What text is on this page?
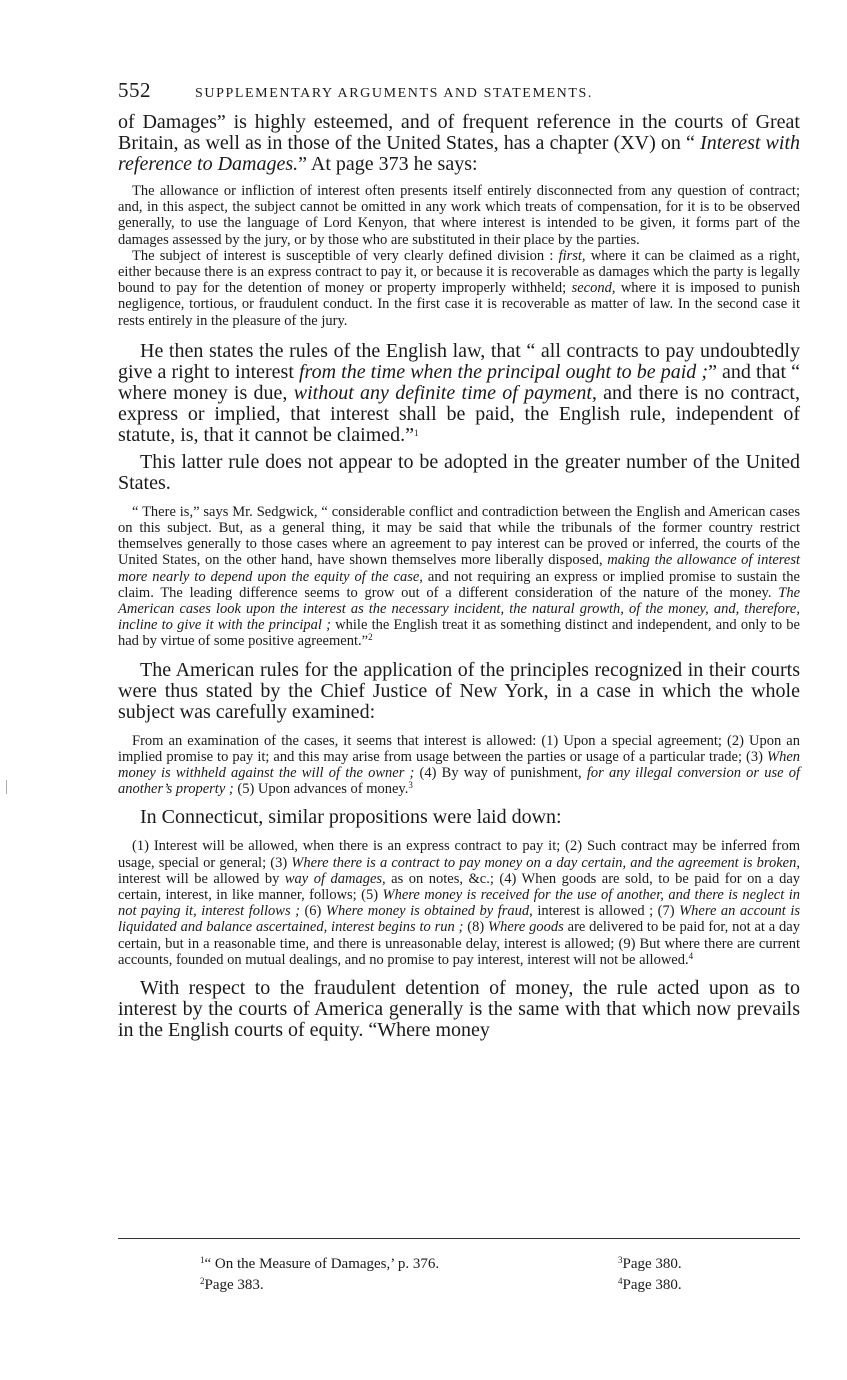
552	SUPPLEMENTARY ARGUMENTS AND STATEMENTS.

of Damages” is highly esteemed, and of frequent reference in the courts of Great Britain, as well as in those of the United States, has a chapter (XV) on “ Interest with reference to Damages.” At page 373 he says:

The allowance or infliction of interest often presents itself entirely disconnected from any question of contract; and, in this aspect, the subject cannot be omitted in any work which treats of compensation, for it is to be observed generally, to use the language of Lord Kenyon, that where interest is intended to be given, it forms part of the damages assessed by the jury, or by those who are substituted in their place by the parties.

The subject of interest is susceptible of very clearly defined division : first, where it can be claimed as a right, either because there is an express contract to pay it, or because it is recoverable as damages which the party is legally bound to pay for the detention of money or property improperly withheld; second, where it is imposed to punish negligence, tortious, or fraudulent conduct. In the first case it is recoverable as matter of law. In the second case it rests entirely in the pleasure of the jury.

He then states the rules of the English law, that “ all contracts to pay undoubtedly give a right to interest from the time when the principal ought to be paid ;” and that “ where money is due, without any definite time of payment, and there is no contract, express or implied, that interest shall be paid, the English rule, independent of statute, is, that it cannot be claimed.”$^1$

This latter rule does not appear to be adopted in the greater number of the United States.

“ There is,” says Mr. Sedgwick, “ considerable conflict and contradiction between the English and American cases on this subject. But, as a general thing, it may be said that while the tribunals of the former country restrict themselves generally to those cases where an agreement to pay interest can be proved or inferred, the courts of the United States, on the other hand, have shown themselves more liberally disposed, making the allowance of interest more nearly to depend upon the equity of the case, and not requiring an express or implied promise to sustain the claim. The leading difference seems to grow out of a different consideration of the nature of the money. The American cases look upon the interest as the necessary incident, the natural growth, of the money, and, therefore, incline to give it with the principal ; while the English treat it as something distinct and independent, and only to be had by virtue of some positive agreement.”$^2$

The American rules for the application of the principles recognized in their courts were thus stated by the Chief Justice of New York, in a case in which the whole subject was carefully examined:

From an examination of the cases, it seems that interest is allowed: (1) Upon a special agreement; (2) Upon an implied promise to pay it; and this may arise from usage between the parties or usage of a particular trade; (3) When money is withheld against the will of the owner ; (4) By way of punishment, for any illegal conversion or use of another’s property ; (5) Upon advances of money.$^3$

In Connecticut, similar propositions were laid down:

(1) Interest will be allowed, when there is an express contract to pay it; (2) Such contract may be inferred from usage, special or general; (3) Where there is a contract to pay money on a day certain, and the agreement is broken, interest will be allowed by way of damages, as on notes, &c.; (4) When goods are sold, to be paid for on a day certain, interest, in like manner, follows; (5) Where money is received for the use of another, and there is neglect in not paying it, interest follows ; (6) Where money is obtained by fraud, interest is allowed ; (7) Where an account is liquidated and balance ascertained, interest begins to run ; (8) Where goods are delivered to be paid for, not at a day certain, but in a reasonable time, and there is unreasonable delay, interest is allowed; (9) But where there are current accounts, founded on mutual dealings, and no promise to pay interest, interest will not be allowed.$^4$

With respect to the fraudulent detention of money, the rule acted upon as to interest by the courts of America generally is the same with that which now prevails in the English courts of equity. “Where money

$^1$“ On the Measure of Damages,’ p. 376.	$^3$Page 380.
$^2$Page 383.	$^4$Page 380.
